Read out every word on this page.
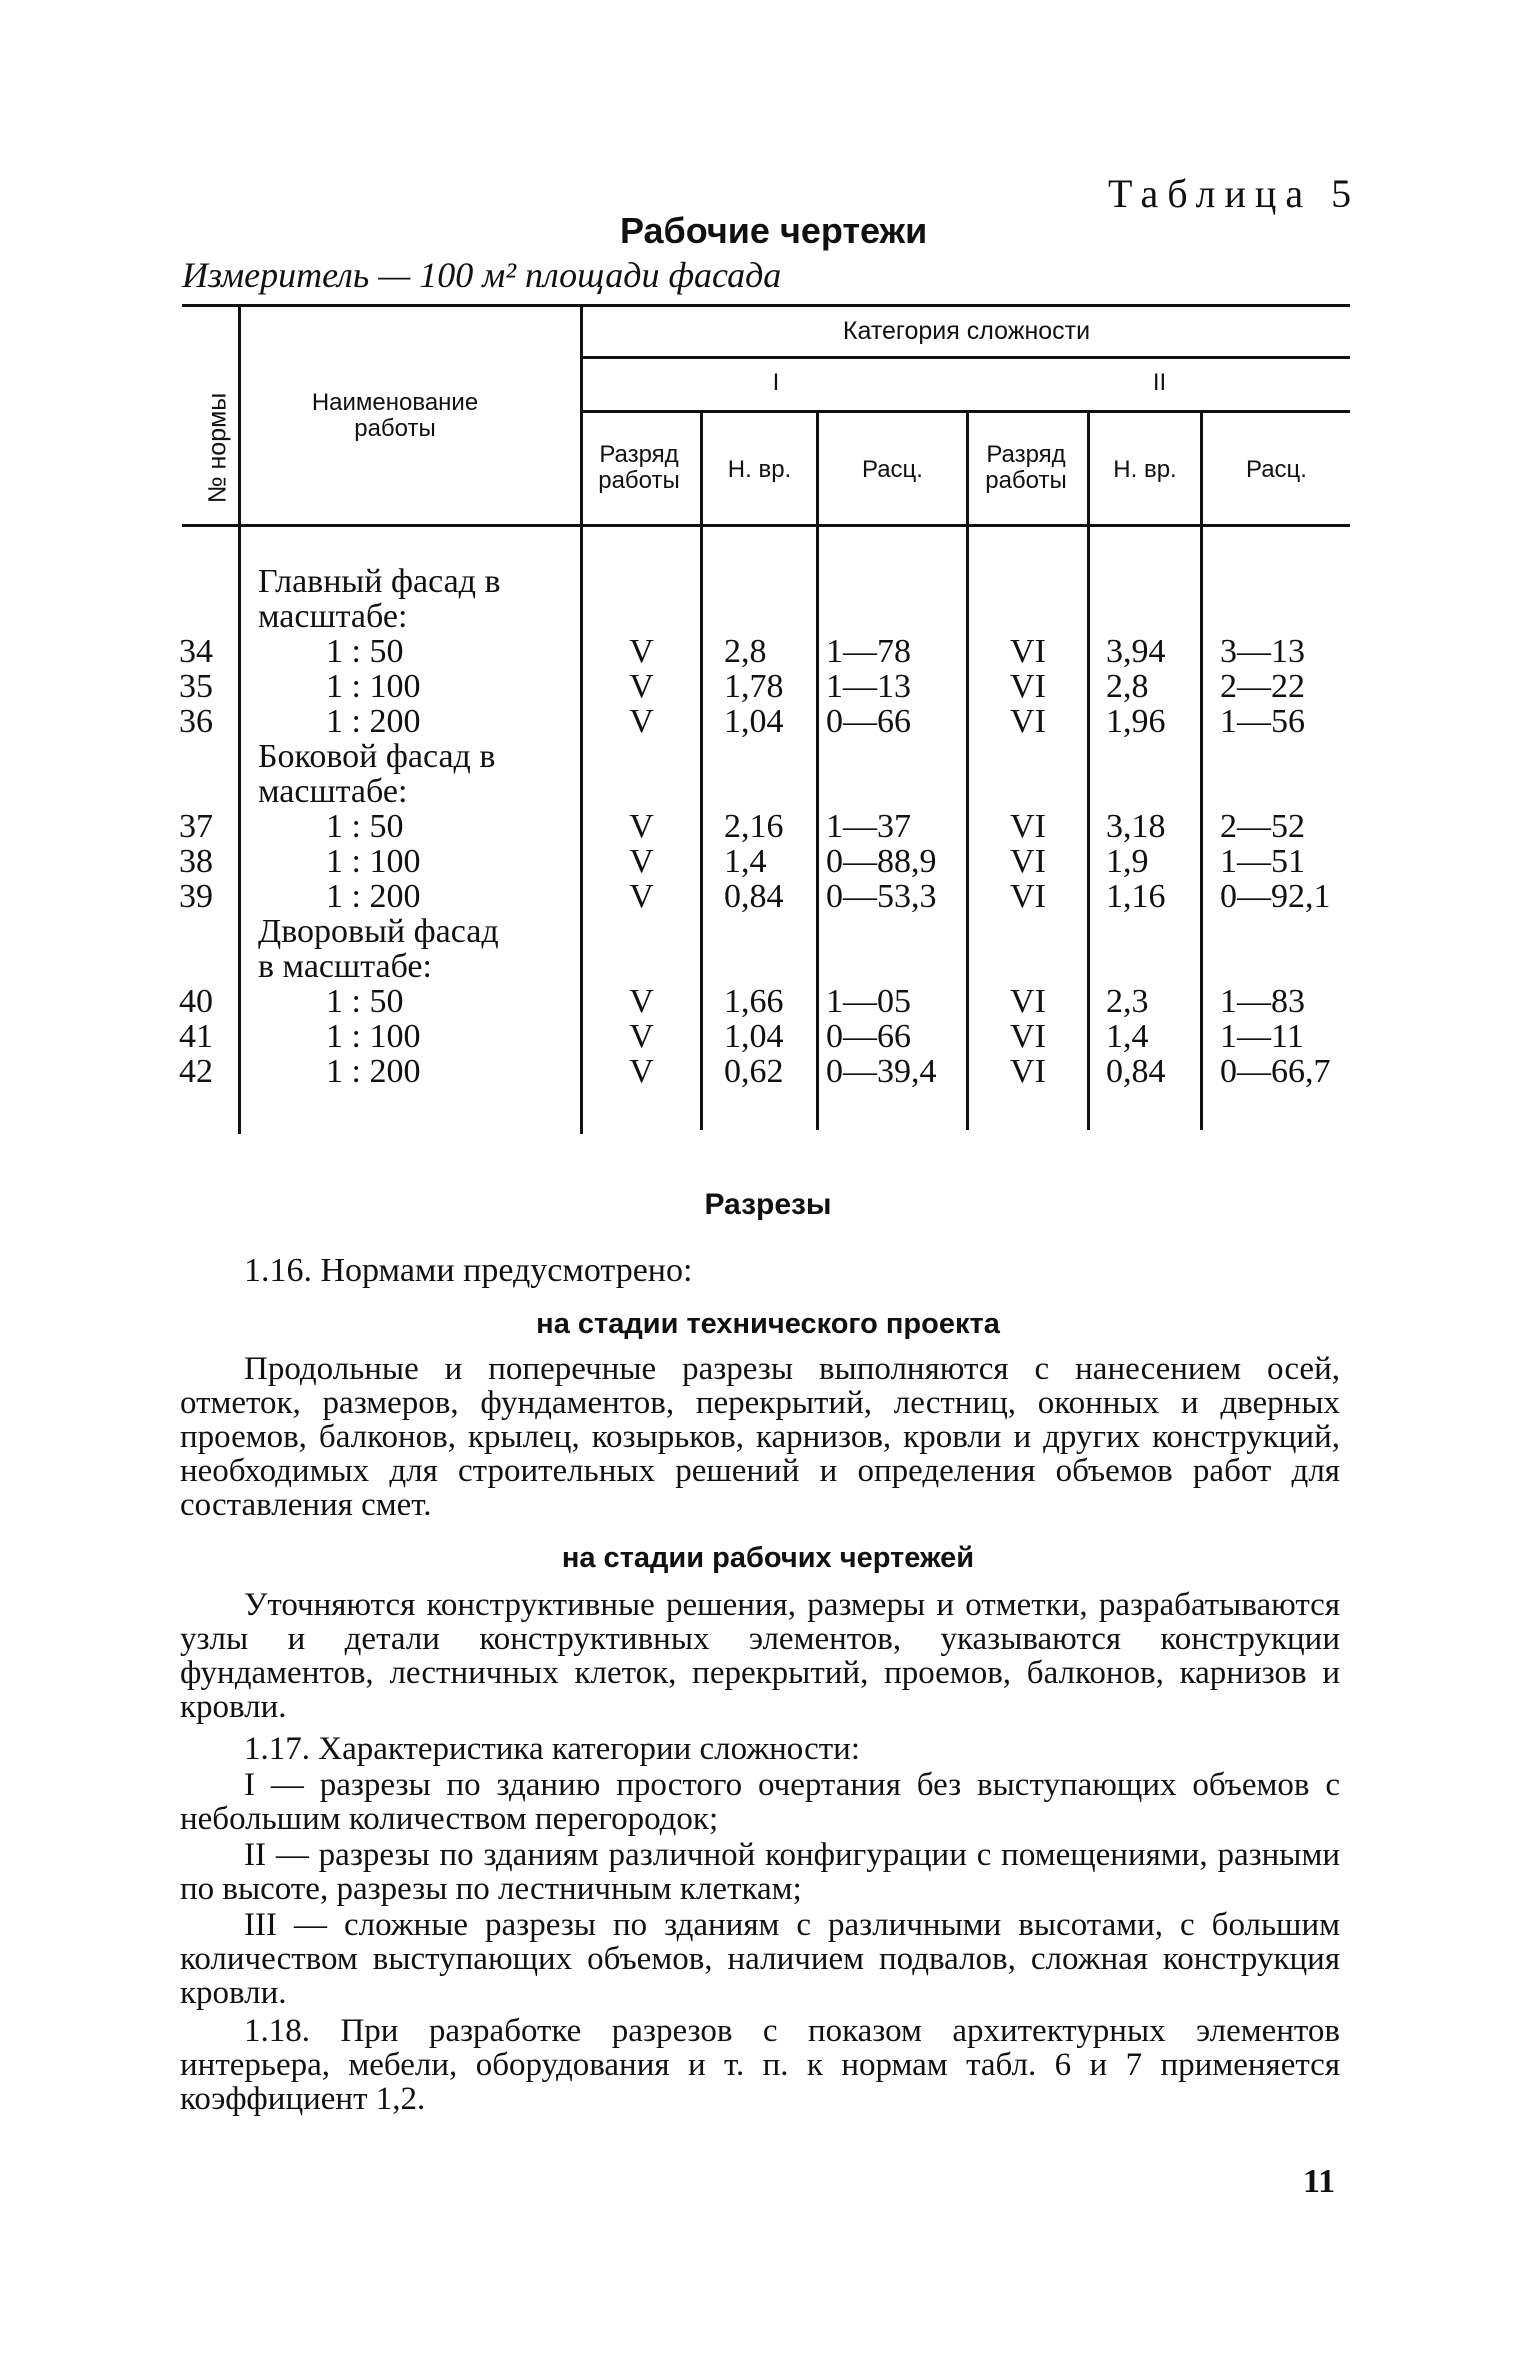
Таблица 5
Рабочие чертежи
Измеритель — 100 м² площади фасада
№ нормы	Наименование работы
Категория сложности
I	II
Разряд работы	Н. вр.	Расц.
Разряд работы	Н. вр.	Расц.
Главный фасад в
масштабе:
34	1 : 50	V	2,8	1—78	VI	3,94	3—13
35	1 : 100	V	1,78	1—13	VI	2,8	2—22
36	1 : 200	V	1,04	0—66	VI	1,96	1—56
Боковой фасад в
масштабе:
37	1 : 50	V	2,16	1—37	VI	3,18	2—52
38	1 : 100	V	1,4	0—88,9	VI	1,9	1—51
39	1 : 200	V	0,84	0—53,3	VI	1,16	0—92,1
Дворовый фасад
в масштабе:
40	1 : 50	V	1,66	1—05	VI	2,3	1—83
41	1 : 100	V	1,04	0—66	VI	1,4	1—11
42	1 : 200	V	0,62	0—39,4	VI	0,84	0—66,7
Разрезы
1.16. Нормами предусмотрено:
на стадии технического проекта

Продольные и поперечные разрезы выполняются с нанесением осей, отметок, размеров, фундаментов, перекрытий, лестниц, оконных и дверных проемов, балконов, крылец, козырьков, карнизов, кровли и других конструкций, необходимых для строительных решений и определения объемов работ для составления смет.

на стадии рабочих чертежей

Уточняются конструктивные решения, размеры и отметки, разрабатываются узлы и детали конструктивных элементов, указываются конструкции фундаментов, лестничных клеток, перекрытий, проемов, балконов, карнизов и кровли.

1.17. Характеристика категории сложности:

I — разрезы по зданию простого очертания без выступающих объемов с небольшим количеством перегородок;

II — разрезы по зданиям различной конфигурации с помещениями, разными по высоте, разрезы по лестничным клеткам;

III — сложные разрезы по зданиям с различными высотами, с большим количеством выступающих объемов, наличием подвалов, сложная конструкция кровли.

1.18. При разработке разрезов с показом архитектурных элементов интерьера, мебели, оборудования и т. п. к нормам табл. 6 и 7 применяется коэффициент 1,2.

11
